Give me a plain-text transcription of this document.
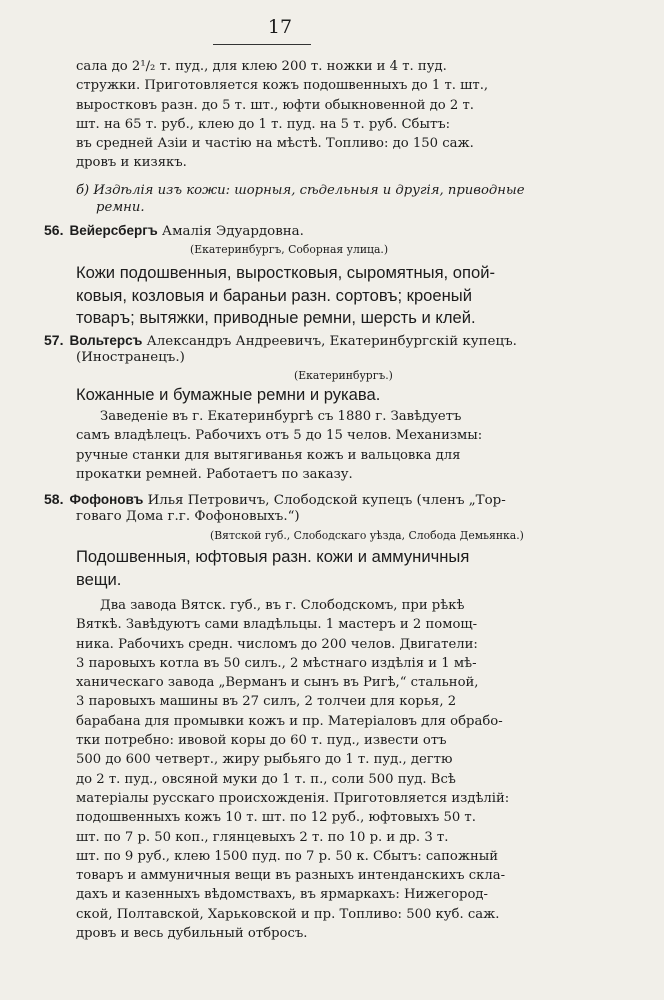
17
сала до 2¹/₂ т. пуд., для клею 200 т. ножки и 4 т. пуд.
стружки. Приготовляется кожъ подошвенныхъ до 1 т. шт.,
выростковъ разн. до 5 т. шт., юфти обыкновенной до 2 т.
шт. на 65 т. руб., клею до 1 т. пуд. на 5 т. руб. Сбытъ:
въ средней Азіи и частію на мѣстѣ. Топливо: до 150 саж.
дровъ и кизякъ.
б) Издѣлія изъ кожи: шорныя, сѣдельныя и другія, приводные
ремни.
56. Вейерсбергъ Амалія Эдуардовна.
(Екатеринбургъ, Соборная улица.)
Кожи подошвенныя, выростковыя, сыромятныя, опой-
ковыя, козловыя и бараньи разн. сортовъ; кроеный
товаръ; вытяжки, приводные ремни, шерсть и клей.
57. Вольтерсъ Александръ Андреевичъ, Екатеринбургскій купецъ.
(Иностранецъ.)
(Екатеринбургъ.)
Кожанные и бумажные ремни и рукава.
Заведеніе въ г. Екатеринбургѣ съ 1880 г. Завѣдуетъ
самъ владѣлецъ. Рабочихъ отъ 5 до 15 челов. Механизмы:
ручные станки для вытягиванья кожъ и вальцовка для
прокатки ремней. Работаетъ по заказу.
58. Фофоновъ Илья Петровичъ, Слободской купецъ (членъ „Тор-
говаго Дома г.г. Фофоновыхъ.“)
(Вятской губ., Слободскаго уѣзда, Слобода Демьянка.)
Подошвенныя, юфтовыя разн. кожи и аммуничныя
вещи.
Два завода Вятск. губ., въ г. Слободскомъ, при рѣкѣ
Вяткѣ. Завѣдуютъ сами владѣльцы. 1 мастеръ и 2 помощ-
ника. Рабочихъ средн. числомъ до 200 челов. Двигатели:
3 паровыхъ котла въ 50 силъ., 2 мѣстнаго издѣлія и 1 мѣ-
ханическаго завода „Верманъ и сынъ въ Ригѣ,“ стальной,
3 паровыхъ машины въ 27 силъ, 2 толчеи для корья, 2
барабана для промывки кожъ и пр. Матеріаловъ для обрабо-
тки потребно: ивовой коры до 60 т. пуд., извести отъ
500 до 600 четверт., жиру рыбьяго до 1 т. пуд., дегтю
до 2 т. пуд., овсяной муки до 1 т. п., соли 500 пуд. Всѣ
матеріалы русскаго происхожденія. Приготовляется издѣлій:
подошвенныхъ кожъ 10 т. шт. по 12 руб., юфтовыхъ 50 т.
шт. по 7 р. 50 коп., глянцевыхъ 2 т. по 10 р. и др. 3 т.
шт. по 9 руб., клею 1500 пуд. по 7 р. 50 к. Сбытъ: сапожный
товаръ и аммуничныя вещи въ разныхъ интенданскихъ скла-
дахъ и казенныхъ вѣдомствахъ, въ ярмаркахъ: Нижегород-
ской, Полтавской, Харьковской и пр. Топливо: 500 куб. саж.
дровъ и весь дубильный отбросъ.
